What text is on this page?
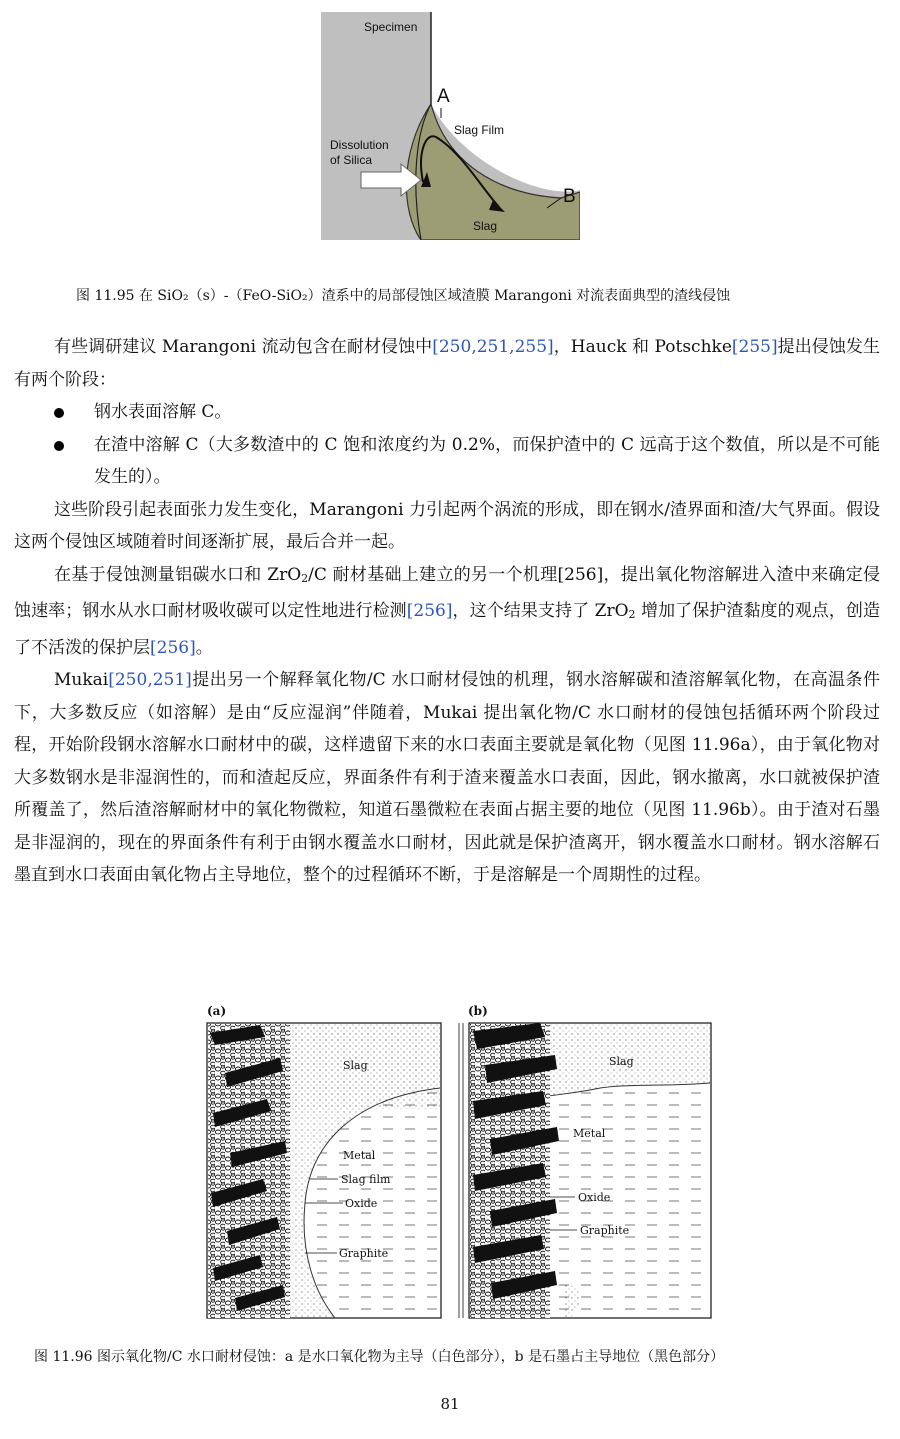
Specimen
A
Slag Film
Dissolution
of Silica
Slag
B
图 11.95 在 SiO₂（s）-（FeO-SiO₂）渣系中的局部侵蚀区域渣膜 Marangoni 对流表面典型的渣线侵蚀

有些调研建议 Marangoni 流动包含在耐材侵蚀中[250,251,255]，Hauck 和 Potschke[255]提出侵蚀发生有两个阶段：

钢水表面溶解 C。
在渣中溶解 C（大多数渣中的 C 饱和浓度约为 0.2%，而保护渣中的 C 远高于这个数值，所以是不可能发生的）。

这些阶段引起表面张力发生变化，Marangoni 力引起两个涡流的形成，即在钢水/渣界面和渣/大气界面。假设这两个侵蚀区域随着时间逐渐扩展，最后合并一起。

在基于侵蚀测量铝碳水口和 ZrO$_2$/C 耐材基础上建立的另一个机理[256]，提出氧化物溶解进入渣中来确定侵蚀速率；钢水从水口耐材吸收碳可以定性地进行检测[256]，这个结果支持了 ZrO$_2$ 增加了保护渣黏度的观点，创造了不活泼的保护层[256]。

Mukai[250,251]提出另一个解释氧化物/C 水口耐材侵蚀的机理，钢水溶解碳和渣溶解氧化物，在高温条件下，大多数反应（如溶解）是由“反应湿润”伴随着，Mukai 提出氧化物/C 水口耐材的侵蚀包括循环两个阶段过程，开始阶段钢水溶解水口耐材中的碳，这样遗留下来的水口表面主要就是氧化物（见图 11.96a），由于氧化物对大多数钢水是非湿润性的，而和渣起反应，界面条件有利于渣来覆盖水口表面，因此，钢水撤离，水口就被保护渣所覆盖了，然后渣溶解耐材中的氧化物微粒，知道石墨微粒在表面占据主要的地位（见图 11.96b）。由于渣对石墨是非湿润的，现在的界面条件有利于由钢水覆盖水口耐材，因此就是保护渣离开，钢水覆盖水口耐材。钢水溶解石墨直到水口表面由氧化物占主导地位，整个的过程循环不断，于是溶解是一个周期性的过程。

(a)
Slag
Metal
Slag film
Oxide
Graphite
(b)
Slag
Metal
Oxide
Graphite
图 11.96 图示氧化物/C 水口耐材侵蚀：a 是水口氧化物为主导（白色部分），b 是石墨占主导地位（黑色部分）
81
